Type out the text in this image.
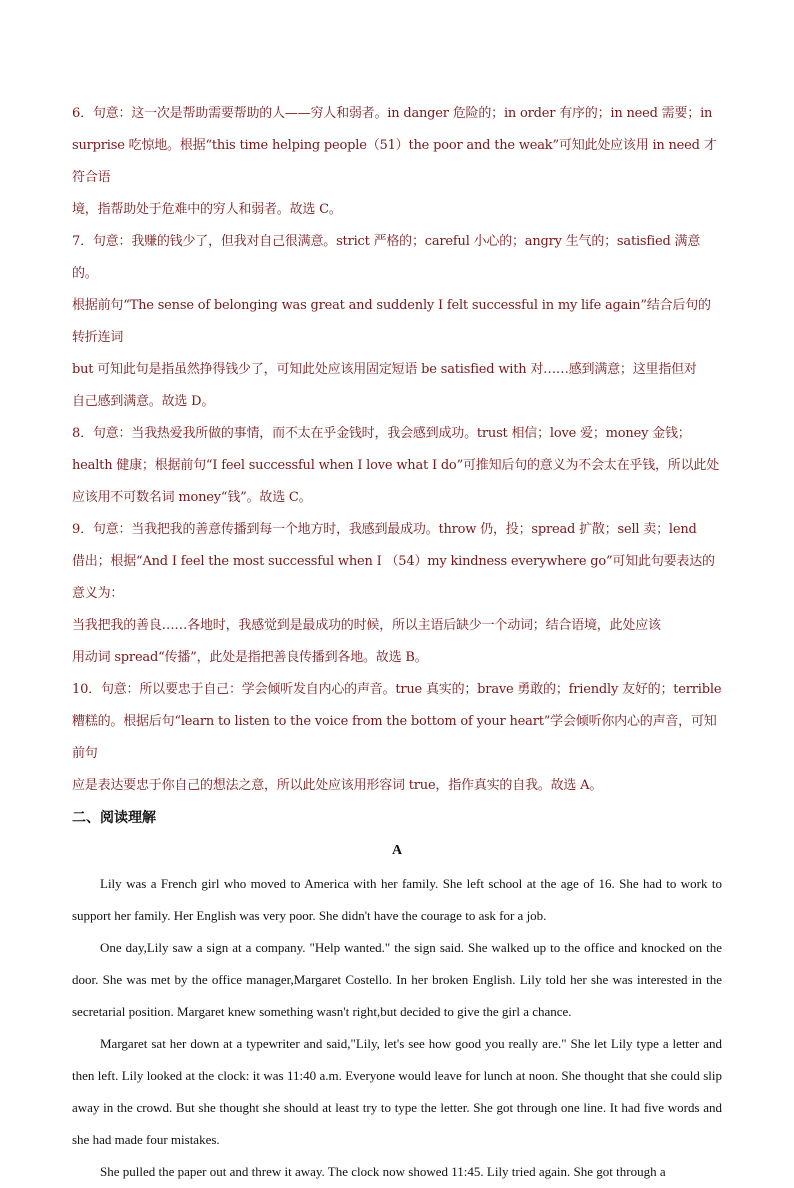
6．句意：这一次是帮助需要帮助的人——穷人和弱者。in danger 危险的；in order 有序的；in need 需要；in
surprise 吃惊地。根据“this time helping people（51）the poor and the weak”可知此处应该用 in need 才符合语
境，指帮助处于危难中的穷人和弱者。故选 C。

7．句意：我赚的钱少了，但我对自己很满意。strict 严格的；careful 小心的；angry 生气的；satisfied 满意的。
根据前句“The sense of belonging was great and suddenly I felt successful in my life again”结合后句的转折连词
but 可知此句是指虽然挣得钱少了，可知此处应该用固定短语 be satisfied with 对……感到满意；这里指但对
自己感到满意。故选 D。

8．句意：当我热爱我所做的事情，而不太在乎金钱时，我会感到成功。trust 相信；love 爱；money 金钱；
health 健康；根据前句“I feel successful when I love what I do”可推知后句的意义为不会太在乎钱，所以此处
应该用不可数名词 money“钱”。故选 C。

9．句意：当我把我的善意传播到每一个地方时，我感到最成功。throw 仍，投；spread 扩散；sell 卖；lend
借出；根据“And I feel the most successful when I （54）my kindness everywhere go”可知此句要表达的意义为：
当我把我的善良……各地时，我感觉到是最成功的时候，所以主语后缺少一个动词；结合语境，此处应该
用动词 spread“传播”，此处是指把善良传播到各地。故选 B。

10．句意：所以要忠于自己：学会倾听发自内心的声音。true 真实的；brave 勇敢的；friendly 友好的；terrible
糟糕的。根据后句“learn to listen to the voice from the bottom of your heart”学会倾听你内心的声音，可知前句
应是表达要忠于你自己的想法之意，所以此处应该用形容词 true，指作真实的自我。故选 A。

二、阅读理解
A

Lily was a French girl who moved to America with her family. She left school at the age of 16. She had to work to support her family. Her English was very poor. She didn't have the courage to ask for a job.

One day,Lily saw a sign at a company. "Help wanted." the sign said. She walked up to the office and knocked on the door. She was met by the office manager,Margaret Costello. In her broken English. Lily told her she was interested in the secretarial position. Margaret knew something wasn't right,but decided to give the girl a chance.

Margaret sat her down at a typewriter and said,"Lily, let's see how good you really are." She let Lily type a letter and then left. Lily looked at the clock: it was 11:40 a.m. Everyone would leave for lunch at noon. She thought that she could slip away in the crowd. But she thought she should at least try to type the letter. She got through one line. It had five words and she had made four mistakes.

She pulled the paper out and threw it away. The clock now showed 11:45. Lily tried again. She got through a
